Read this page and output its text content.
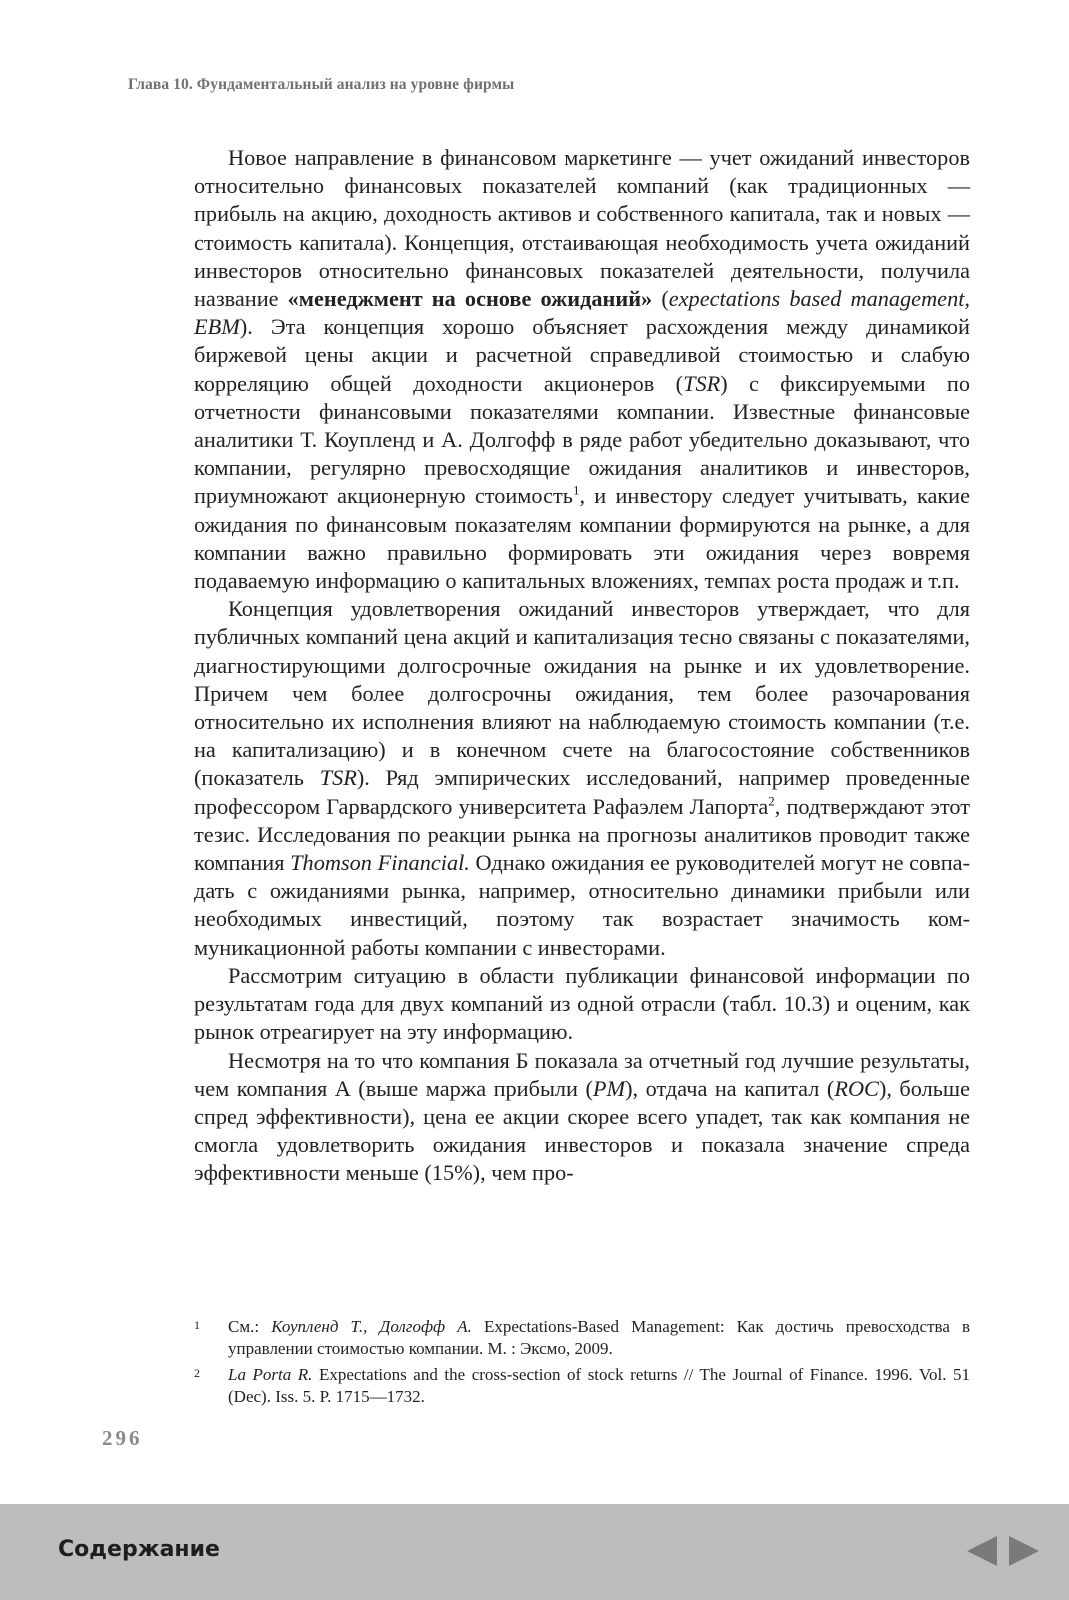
Глава 10. Фундаментальный анализ на уровне фирмы

Новое направление в финансовом маркетинге — учет ожиданий инвесторов относительно финансовых показателей компаний (как традиционных — прибыль на акцию, доходность активов и собственного капитала, так и новых — стоимость капитала). Концепция, отстаивающая необходимость учета ожиданий инвесторов относительно финансовых показателей деятельности, получила название «менеджмент на основе ожиданий» (expectations based management, EBM). Эта концепция хорошо объясняет расхождения между динамикой биржевой цены акции и расчетной справедливой стоимостью и слабую корреляцию общей доходности акционеров (TSR) с фиксируемыми по отчетности финансовыми показателями компании. Известные финансовые аналитики Т. Коупленд и А. Долгофф в ряде работ убедительно доказывают, что компании, регулярно превосходящие ожидания аналитиков и инвесторов, приумножают акционерную стоимость$^1$, и инвестору следует учитывать, какие ожидания по финансовым показателям компании формируются на рынке, а для компании важно правильно формировать эти ожидания через вовремя подаваемую информацию о капитальных вложениях, темпах роста продаж и т.п.

Концепция удовлетворения ожиданий инвесторов утверждает, что для публичных компаний цена акций и капитализация тесно связаны с показателями, диагностирующими долгосрочные ожидания на рынке и их удовлетворение. Причем чем более долгосрочны ожидания, тем более разочарования относительно их исполнения влияют на наблюдаемую стоимость компании (т.е. на капитализацию) и в конечном счете на благосостояние собственников (показатель TSR). Ряд эмпирических исследований, например проведенные профессором Гарвардского университета Рафаэлем Лапорта$^2$, подтверждают этот тезис. Исследования по реакции рынка на прогнозы аналитиков проводит также компания Thomson Financial. Однако ожидания ее руководителей могут не совпадать с ожиданиями рынка, например, относительно динамики прибыли или необходимых инвестиций, поэтому так возрастает значимость коммуникационной работы компании с инвесторами.

Рассмотрим ситуацию в области публикации финансовой информации по результатам года для двух компаний из одной отрасли (табл. 10.3) и оценим, как рынок отреагирует на эту информацию.

Несмотря на то что компания Б показала за отчетный год лучшие результаты, чем компания А (выше маржа прибыли (PM), отдача на капитал (ROC), больше спред эффективности), цена ее акции скорее всего упадет, так как компания не смогла удовлетворить ожидания инвесторов и показала значение спреда эффективности меньше (15%), чем про-

1	См.: Коупленд Т., Долгофф А. Expectations-Based Management: Как достичь превосходства в управлении стоимостью компании. М. : Эксмо, 2009.
2	La Porta R. Expectations and the cross-section of stock returns // The Journal of Finance. 1996. Vol. 51 (Dec). Iss. 5. P. 1715—1732.
296
Содержание
